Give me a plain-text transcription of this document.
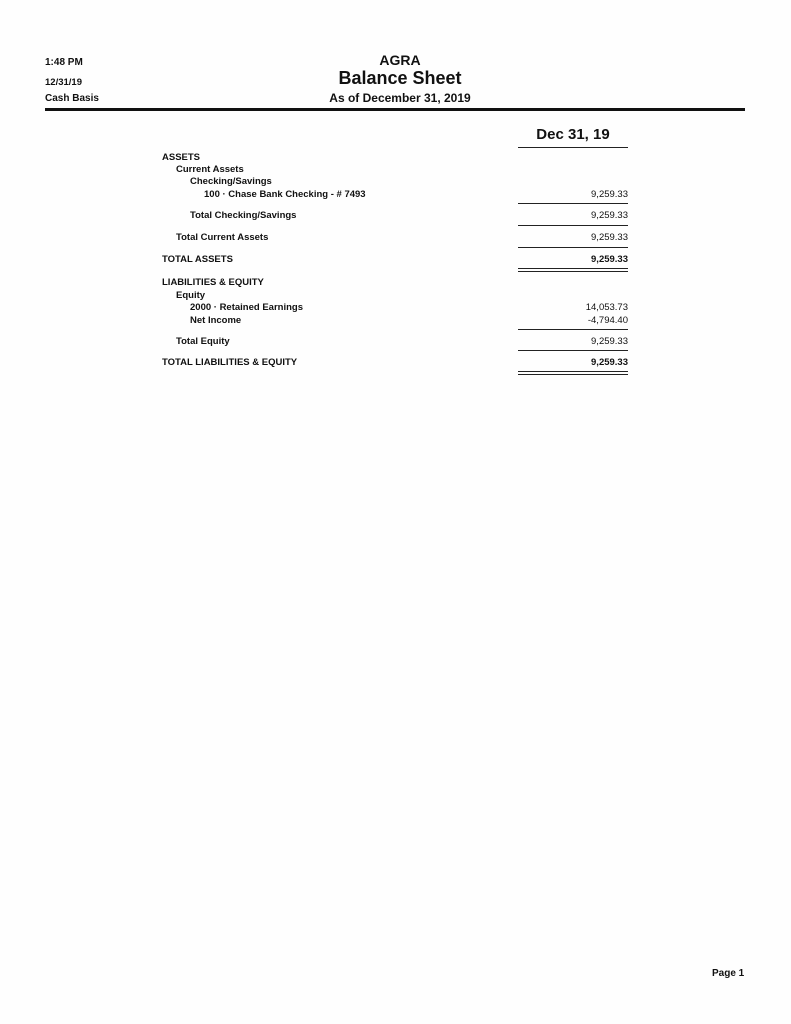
1:48 PM
12/31/19
Cash Basis
AGRA
Balance Sheet
As of December 31, 2019
Dec 31, 19
ASSETS
Current Assets
Checking/Savings
100 · Chase Bank Checking - # 7493	9,259.33
Total Checking/Savings	9,259.33
Total Current Assets	9,259.33
TOTAL ASSETS	9,259.33
LIABILITIES & EQUITY
Equity
2000 · Retained Earnings	14,053.73
Net Income	-4,794.40
Total Equity	9,259.33
TOTAL LIABILITIES & EQUITY	9,259.33
Page 1
